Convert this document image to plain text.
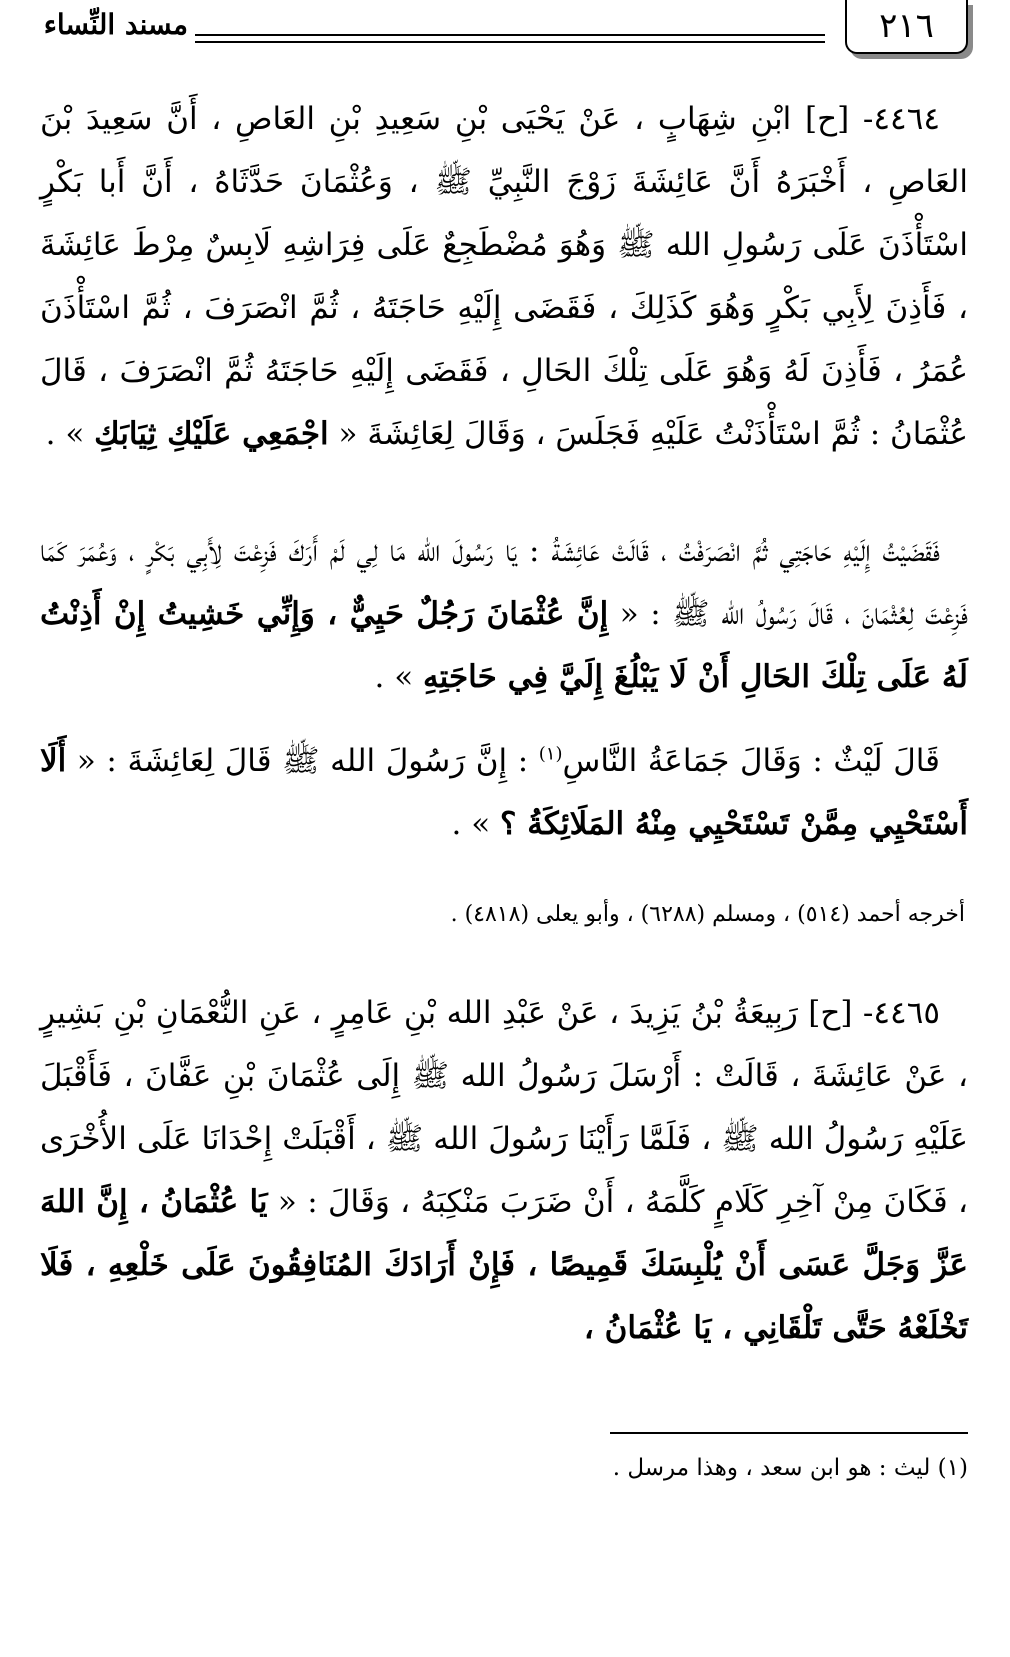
٢١٦
مسند النِّساء

٤٤٦٤- [ح] ابْنِ شِهَابٍ ، عَنْ يَحْيَى بْنِ سَعِيدِ بْنِ العَاصِ ، أَنَّ سَعِيدَ بْنَ العَاصِ ، أَخْبَرَهُ أَنَّ عَائِشَةَ زَوْجَ النَّبِيِّ ﷺ ، وَعُثْمَانَ حَدَّثَاهُ ، أَنَّ أَبا بَكْرٍ اسْتَأْذَنَ عَلَى رَسُولِ الله ﷺ وَهُوَ مُضْطَجِعٌ عَلَى فِرَاشِهِ لَابِسٌ مِرْطَ عَائِشَةَ ، فَأَذِنَ لِأَبِي بَكْرٍ وَهُوَ كَذَلِكَ ، فَقَضَى إِلَيْهِ حَاجَتَهُ ، ثُمَّ انْصَرَفَ ، ثُمَّ اسْتَأْذَنَ عُمَرُ ، فَأَذِنَ لَهُ وَهُوَ عَلَى تِلْكَ الحَالِ ، فَقَضَى إِلَيْهِ حَاجَتَهُ ثُمَّ انْصَرَفَ ، قَالَ عُثْمَانُ : ثُمَّ اسْتَأْذَنْتُ عَلَيْهِ فَجَلَسَ ، وَقَالَ لِعَائِشَةَ « اجْمَعِي عَلَيْكِ ثِيَابَكِ » .

فَقَضَيْتُ إِلَيْهِ حَاجَتِي ثُمَّ انْصَرَفْتُ ، قَالَتْ عَائِشَةُ : يَا رَسُولَ الله مَا لِي لَمْ أَرَكَ فَزِعْتَ لِأَبِي بَكْرٍ ، وَعُمَرَ كَمَا فَزِعْتَ لِعُثْمَانَ ، قَالَ رَسُولُ الله ﷺ : « إِنَّ عُثْمَانَ رَجُلٌ حَيِيٌّ ، وَإِنِّي خَشِيتُ إِنْ أَذِنْتُ لَهُ عَلَى تِلْكَ الحَالِ أَنْ لَا يَبْلُغَ إِلَيَّ فِي حَاجَتِهِ » .

قَالَ لَيْثٌ : وَقَالَ جَمَاعَةُ النَّاسِ$^{(١)}$ : إِنَّ رَسُولَ الله ﷺ قَالَ لِعَائِشَةَ : « أَلَا أَسْتَحْيِي مِمَّنْ تَسْتَحْيِي مِنْهُ المَلَائِكَةُ ؟ » .

أخرجه أحمد (٥١٤) ، ومسلم (٦٢٨٨) ، وأبو يعلى (٤٨١٨) .

٤٤٦٥- [ح] رَبِيعَةُ بْنُ يَزِيدَ ، عَنْ عَبْدِ الله بْنِ عَامِرٍ ، عَنِ النُّعْمَانِ بْنِ بَشِيرٍ ، عَنْ عَائِشَةَ ، قَالَتْ : أَرْسَلَ رَسُولُ الله ﷺ إِلَى عُثْمَانَ بْنِ عَفَّانَ ، فَأَقْبَلَ عَلَيْهِ رَسُولُ الله ﷺ ، فَلَمَّا رَأَيْنَا رَسُولَ الله ﷺ ، أَقْبَلَتْ إِحْدَانَا عَلَى الأُخْرَى ، فَكَانَ مِنْ آخِرِ كَلَامٍ كَلَّمَهُ ، أَنْ ضَرَبَ مَنْكِبَهُ ، وَقَالَ : « يَا عُثْمَانُ ، إِنَّ اللهَ عَزَّ وَجَلَّ عَسَى أَنْ يُلْبِسَكَ قَمِيصًا ، فَإِنْ أَرَادَكَ المُنَافِقُونَ عَلَى خَلْعِهِ ، فَلَا تَخْلَعْهُ حَتَّى تَلْقَانِي ، يَا عُثْمَانُ ،

(١) ليث : هو ابن سعد ، وهذا مرسل .
